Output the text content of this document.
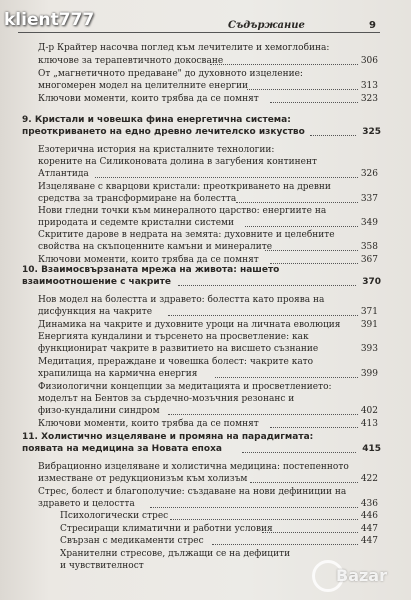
klient777	Съдържание	9
Д-р Крайтер насочва поглед към лечителите и хемоглобина:
ключове за терапевтичното докосване	306
От „магнетичното предаване" до духовното изцеление:
многомерен модел на целителните енергии	313
Ключови моменти, които трябва да се помнят	323
9. Кристали и човешка фина енергетична система:
преоткриването на едно древно лечителско изкуство	325
Езотерична история на кристалните технологии:
корените на Силиконовата долина в загубения континент
Атлантида	326
Изцеляване с кварцови кристали: преоткриването на древни
средства за трансформиране на болестта	337
Нови гледни точки към минералното царство: енергиите на
природата и седемте кристални системи	349
Скритите дарове в недрата на земята: духовните и целебните
свойства на скъпоценните камъни и минералите	358
Ключови моменти, които трябва да се помнят	367
10. Взаимосвързаната мрежа на живота: нашето
взаимоотношение с чакрите	370
Нов модел на болестта и здравето: болестта като проява на
дисфункция на чакрите	371
Динамика на чакрите и духовните уроци на личната еволюция 391
Енергията кундалини и търсенето на просветление: как
функционират чакрите в развитието на висшето съзнание	393
Медитация, прераждане и човешка болест: чакрите като
храпилища на кармична енергия	399
Физиологични концепции за медитацията и просветлението:
моделът на Бентов за сърдечно-мозъчния резонанс и
физо-кундалини синдром	402
Ключови моменти, които трябва да се помнят	413
11. Холистично изцеляване и промяна на парадигмата:
появата на медицина за Новата епоха	415
Вибрационно изцеляване и холистична медицина: постепенното
изместване от редукционизъм към холизъм	422
Стрес, болест и благополучие: създаване на нови дефиниции на
здравето и целостта	436
Психологически стрес	446
Стресиращи климатични и работни условия	447
Свързан с медикаменти стрес	447
Хранителни стресове, дължащи се на дефицити
и чувствителност	Bazar
